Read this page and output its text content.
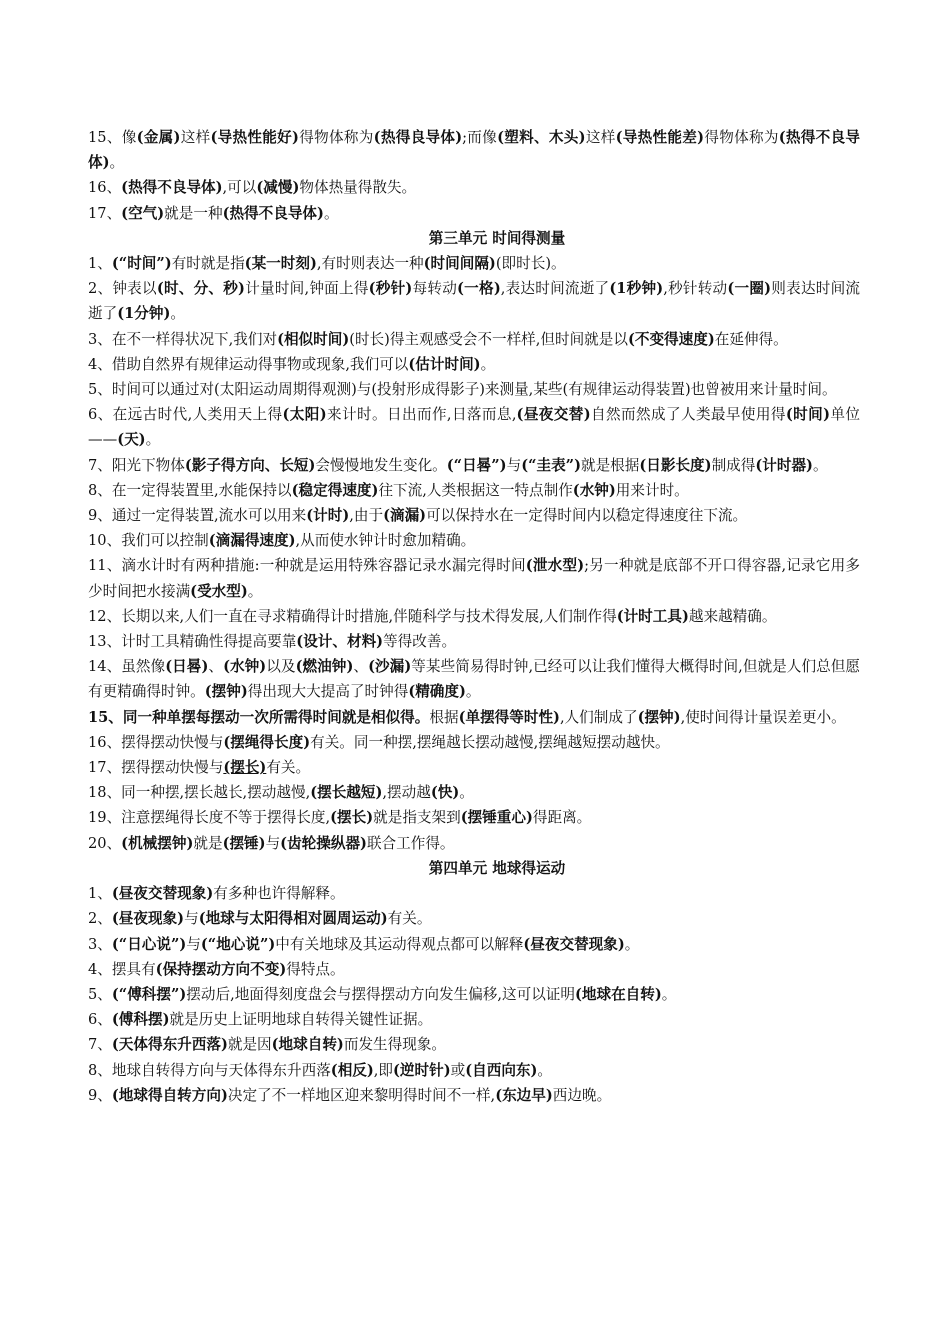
15、像(金属)这样(导热性能好)得物体称为(热得良导体);而像(塑料、木头)这样(导热性能差)得物体称为(热得不良导体)。

16、(热得不良导体),可以(减慢)物体热量得散失。

17、(空气)就是一种(热得不良导体)。

第三单元 时间得测量

1、(“时间”)有时就是指(某一时刻),有时则表达一种(时间间隔)(即时长)。

2、钟表以(时、分、秒)计量时间,钟面上得(秒针)每转动(一格),表达时间流逝了(1秒钟),秒针转动(一圈)则表达时间流逝了(1分钟)。

3、在不一样得状况下,我们对(相似时间)(时长)得主观感受会不一样样,但时间就是以(不变得速度)在延伸得。

4、借助自然界有规律运动得事物或现象,我们可以(估计时间)。

5、时间可以通过对(太阳运动周期得观测)与(投射形成得影子)来测量,某些(有规律运动得装置)也曾被用来计量时间。

6、在远古时代,人类用天上得(太阳)来计时。日出而作,日落而息,(昼夜交替)自然而然成了人类最早使用得(时间)单位——(天)。

7、阳光下物体(影子得方向、长短)会慢慢地发生变化。(“日晷”)与(“圭表”)就是根据(日影长度)制成得(计时器)。

8、在一定得装置里,水能保持以(稳定得速度)往下流,人类根据这一特点制作(水钟)用来计时。

9、通过一定得装置,流水可以用来(计时),由于(滴漏)可以保持水在一定得时间内以稳定得速度往下流。

10、我们可以控制(滴漏得速度),从而使水钟计时愈加精确。

11、滴水计时有两种措施:一种就是运用特殊容器记录水漏完得时间(泄水型);另一种就是底部不开口得容器,记录它用多少时间把水接满(受水型)。

12、长期以来,人们一直在寻求精确得计时措施,伴随科学与技术得发展,人们制作得(计时工具)越来越精确。

13、计时工具精确性得提高要靠(设计、材料)等得改善。

14、虽然像(日晷)、(水钟)以及(燃油钟)、(沙漏)等某些简易得时钟,已经可以让我们懂得大概得时间,但就是人们总但愿有更精确得时钟。(摆钟)得出现大大提高了时钟得(精确度)。

15、同一种单摆每摆动一次所需得时间就是相似得。根据(单摆得等时性),人们制成了(摆钟),使时间得计量误差更小。

16、摆得摆动快慢与(摆绳得长度)有关。同一种摆,摆绳越长摆动越慢,摆绳越短摆动越快。

17、摆得摆动快慢与(摆长)有关。

18、同一种摆,摆长越长,摆动越慢,(摆长越短),摆动越(快)。

19、注意摆绳得长度不等于摆得长度,(摆长)就是指支架到(摆锤重心)得距离。

20、(机械摆钟)就是(摆锤)与(齿轮操纵器)联合工作得。

第四单元 地球得运动

1、(昼夜交替现象)有多种也许得解释。

2、(昼夜现象)与(地球与太阳得相对圆周运动)有关。

3、(“日心说”)与(“地心说”)中有关地球及其运动得观点都可以解释(昼夜交替现象)。

4、摆具有(保持摆动方向不变)得特点。

5、(“傅科摆”)摆动后,地面得刻度盘会与摆得摆动方向发生偏移,这可以证明(地球在自转)。

6、(傅科摆)就是历史上证明地球自转得关键性证据。

7、(天体得东升西落)就是因(地球自转)而发生得现象。

8、地球自转得方向与天体得东升西落(相反),即(逆时针)或(自西向东)。

9、(地球得自转方向)决定了不一样地区迎来黎明得时间不一样,(东边早)西边晚。
